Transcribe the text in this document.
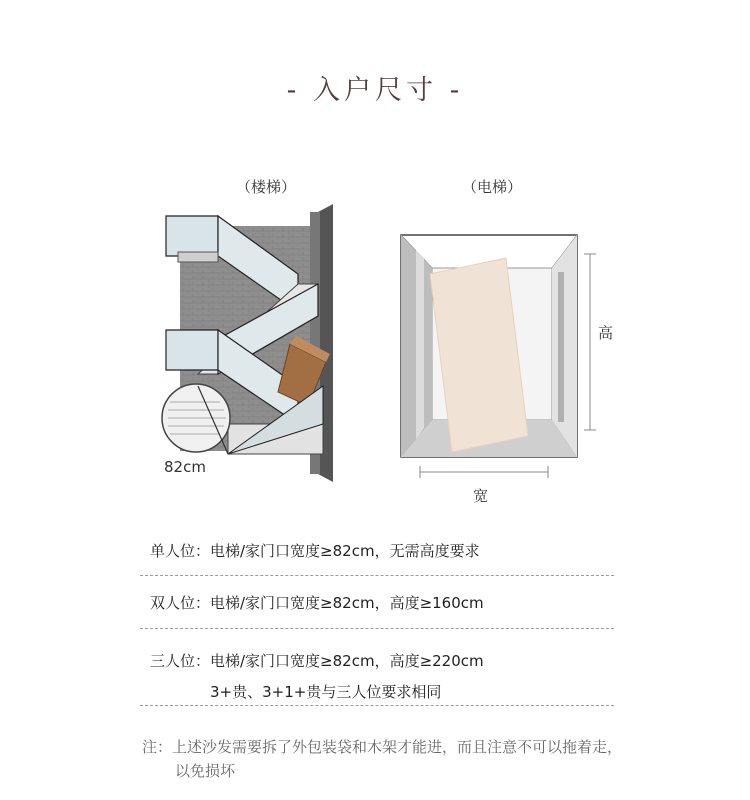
- 入户尺寸 -
（楼梯）
82cm
（电梯）
高
宽
单人位：电梯/家门口宽度≥82cm，无需高度要求
双人位：电梯/家门口宽度≥82cm，高度≥160cm
三人位：电梯/家门口宽度≥82cm，高度≥220cm
3+贵、3+1+贵与三人位要求相同
注：上述沙发需要拆了外包装袋和木架才能进，而且注意不可以拖着走，
以免损坏
